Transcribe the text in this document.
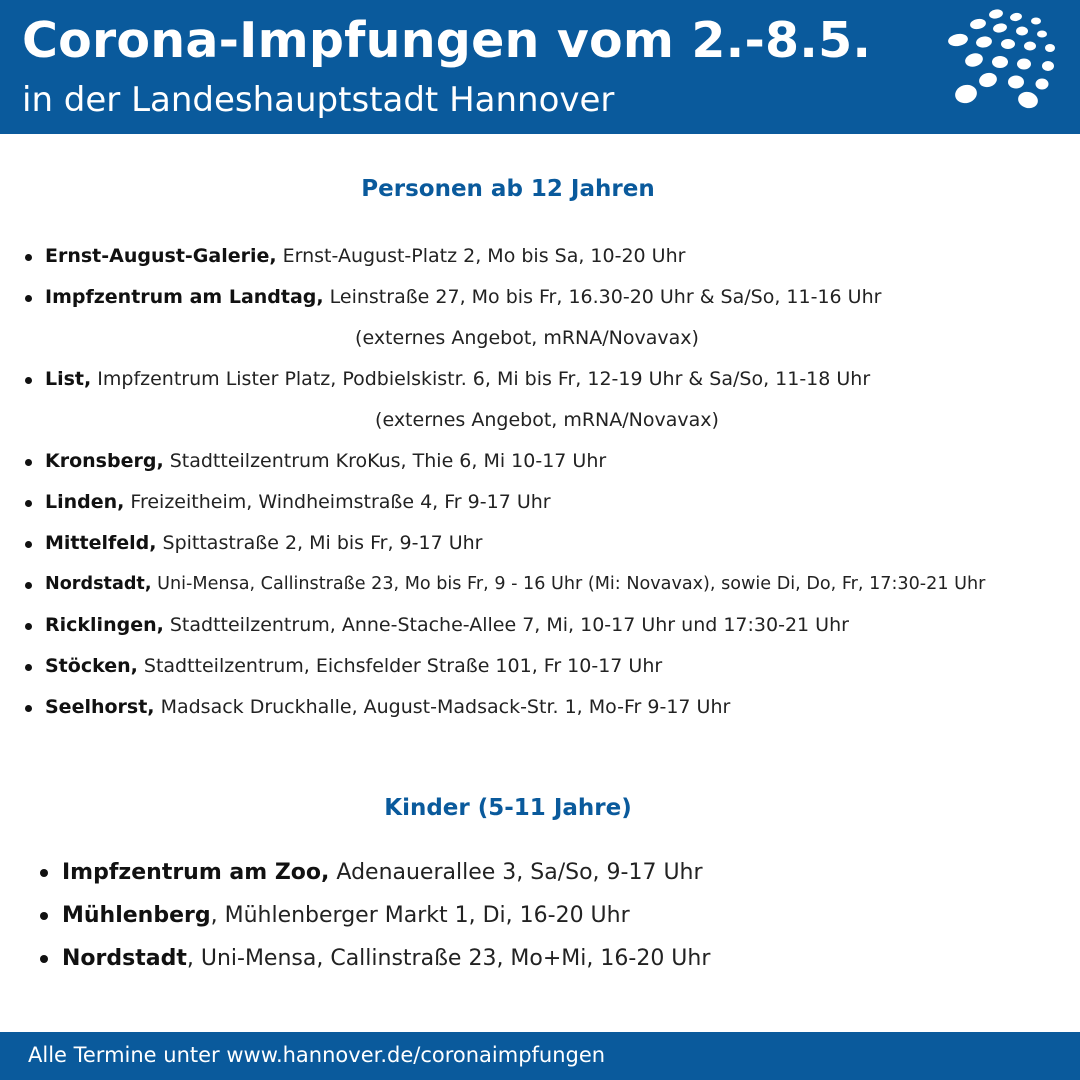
Corona-Impfungen vom 2.-8.5.
in der Landeshauptstadt Hannover
Personen ab 12 Jahren
Ernst-August-Galerie, Ernst-August-Platz 2, Mo bis Sa, 10-20 Uhr
Impfzentrum am Landtag, Leinstraße 27, Mo bis Fr, 16.30-20 Uhr & Sa/So, 11-16 Uhr
(externes Angebot, mRNA/Novavax)
List, Impfzentrum Lister Platz, Podbielskistr. 6, Mi bis Fr, 12-19 Uhr & Sa/So, 11-18 Uhr
(externes Angebot, mRNA/Novavax)
Kronsberg, Stadtteilzentrum KroKus, Thie 6, Mi 10-17 Uhr
Linden, Freizeitheim, Windheimstraße 4, Fr 9-17 Uhr
Mittelfeld, Spittastraße 2, Mi bis Fr, 9-17 Uhr
Nordstadt, Uni-Mensa, Callinstraße 23, Mo bis Fr, 9 - 16 Uhr (Mi: Novavax), sowie Di, Do, Fr, 17:30-21 Uhr
Ricklingen, Stadtteilzentrum, Anne-Stache-Allee 7, Mi, 10-17 Uhr und 17:30-21 Uhr
Stöcken, Stadtteilzentrum, Eichsfelder Straße 101, Fr 10-17 Uhr
Seelhorst, Madsack Druckhalle, August-Madsack-Str. 1, Mo-Fr 9-17 Uhr
Kinder (5-11 Jahre)
Impfzentrum am Zoo, Adenauerallee 3, Sa/So, 9-17 Uhr
Mühlenberg, Mühlenberger Markt 1, Di, 16-20 Uhr
Nordstadt, Uni-Mensa, Callinstraße 23, Mo+Mi, 16-20 Uhr
Alle Termine unter www.hannover.de/coronaimpfungen
